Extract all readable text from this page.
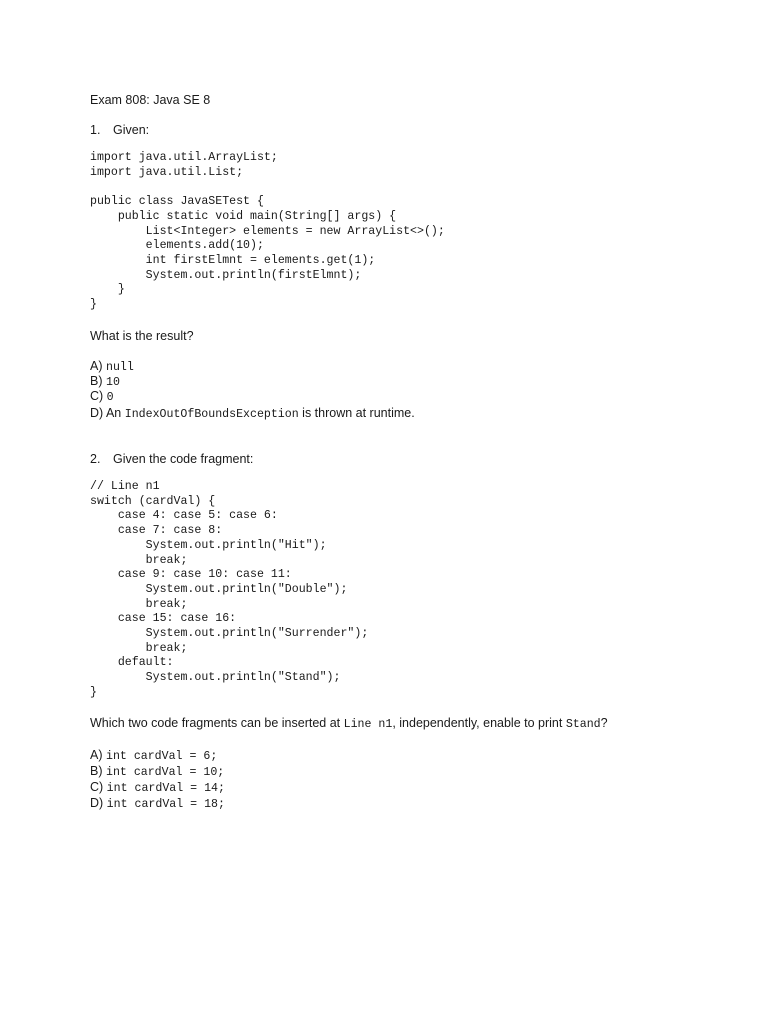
Exam 808: Java SE 8
1. Given:
import java.util.ArrayList;
import java.util.List;

public class JavaSETest {
public static void main(String[] args) {
List<Integer> elements = new ArrayList<>();
elements.add(10);
int firstElmnt = elements.get(1);
System.out.println(firstElmnt);
}
}
What is the result?
A) null
B) 10
C) 0
D) An IndexOutOfBoundsException is thrown at runtime.
2. Given the code fragment:
// Line n1
switch (cardVal) {
case 4: case 5: case 6:
case 7: case 8:
System.out.println("Hit");
break;
case 9: case 10: case 11:
System.out.println("Double");
break;
case 15: case 16:
System.out.println("Surrender");
break;
default:
System.out.println("Stand");
}
Which two code fragments can be inserted at Line n1, independently, enable to print Stand?
A) int cardVal = 6;
B) int cardVal = 10;
C) int cardVal = 14;
D) int cardVal = 18;
